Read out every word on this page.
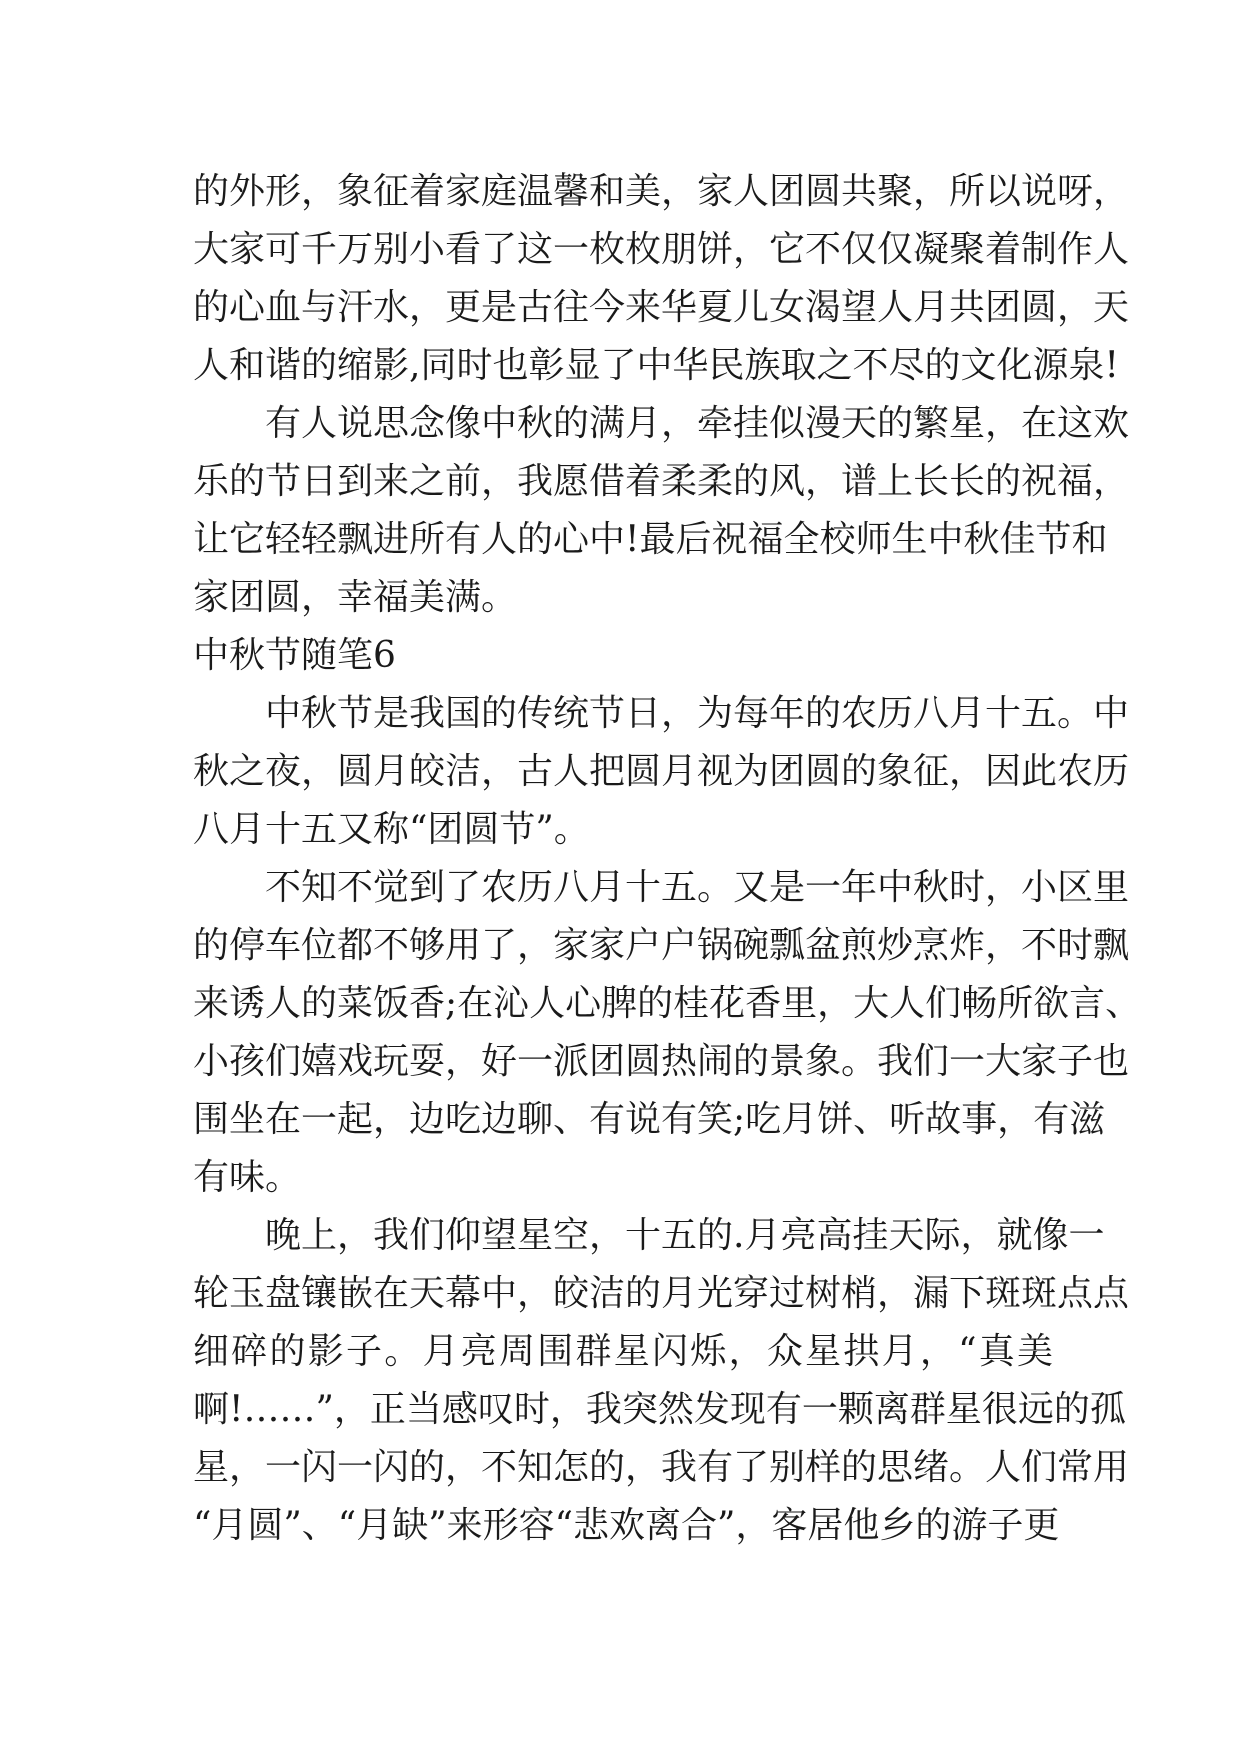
的外形，象征着家庭温馨和美，家人团圆共聚，所以说呀，
大家可千万别小看了这一枚枚朋饼，它不仅仅凝聚着制作人
的心血与汗水，更是古往今来华夏儿女渴望人月共团圆，天
人和谐的缩影,同时也彰显了中华民族取之不尽的文化源泉!
有人说思念像中秋的满月，牵挂似漫天的繁星，在这欢
乐的节日到来之前，我愿借着柔柔的风，谱上长长的祝福，
让它轻轻飘进所有人的心中!最后祝福全校师生中秋佳节和
家团圆，幸福美满。
中秋节随笔6
中秋节是我国的传统节日，为每年的农历八月十五。中
秋之夜，圆月皎洁，古人把圆月视为团圆的象征，因此农历
八月十五又称“团圆节”。
不知不觉到了农历八月十五。又是一年中秋时，小区里
的停车位都不够用了，家家户户锅碗瓢盆煎炒烹炸，不时飘
来诱人的菜饭香;在沁人心脾的桂花香里，大人们畅所欲言、
小孩们嬉戏玩耍，好一派团圆热闹的景象。我们一大家子也
围坐在一起，边吃边聊、有说有笑;吃月饼、听故事，有滋
有味。
晚上，我们仰望星空，十五的.月亮高挂天际，就像一
轮玉盘镶嵌在天幕中，皎洁的月光穿过树梢，漏下斑斑点点
细碎的影子。月亮周围群星闪烁，众星拱月，“真美
啊!……”，正当感叹时，我突然发现有一颗离群星很远的孤
星，一闪一闪的，不知怎的，我有了别样的思绪。人们常用
“月圆”、“月缺”来形容“悲欢离合”，客居他乡的游子更
